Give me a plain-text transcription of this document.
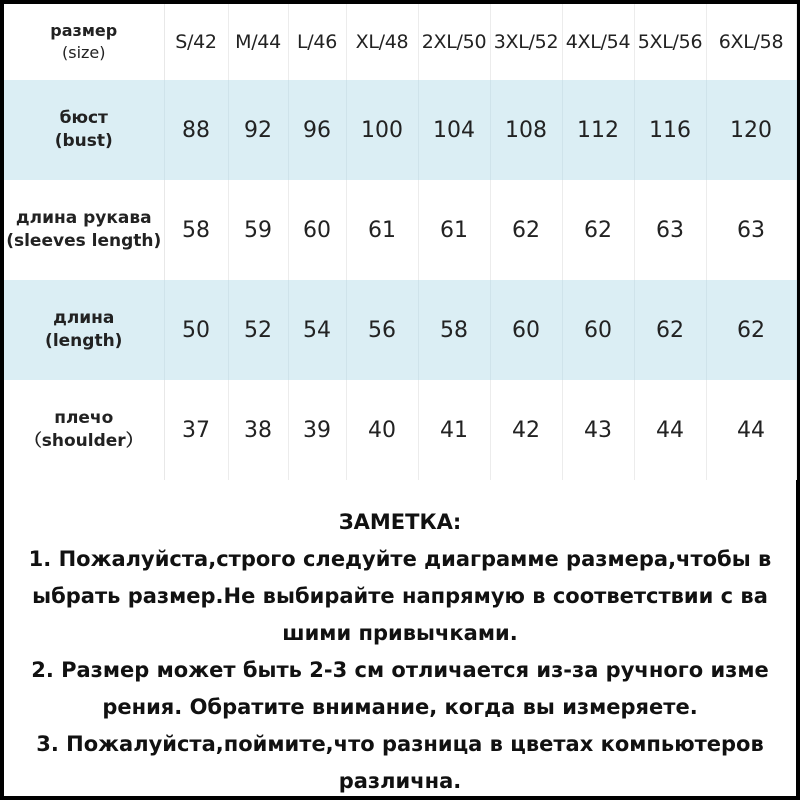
размер
(size)	S/42	M/44	L/46	XL/48	2XL/50	3XL/52	4XL/54	5XL/56	6XL/58

бюст
(bust)	88	92	96	100	104	108	112	116	120

длина рукава
(sleeves length)	58	59	60	61	61	62	62	63	63

длина
(length)	50	52	54	56	58	60	60	62	62

плечо
（shoulder）	37	38	39	40	41	42	43	44	44
ЗАМЕТКА:
1. Пожалуйста,строго следуйте диаграмме размера,чтобы в
ыбрать размер.Не выбирайте напрямую в соответствии с ва
шими привычками.
2. Размер может быть 2-3 см отличается из-за ручного изме
рения. Обратите внимание, когда вы измеряете.
3. Пожалуйста,поймите,что разница в цветах компьютеров
различна.
